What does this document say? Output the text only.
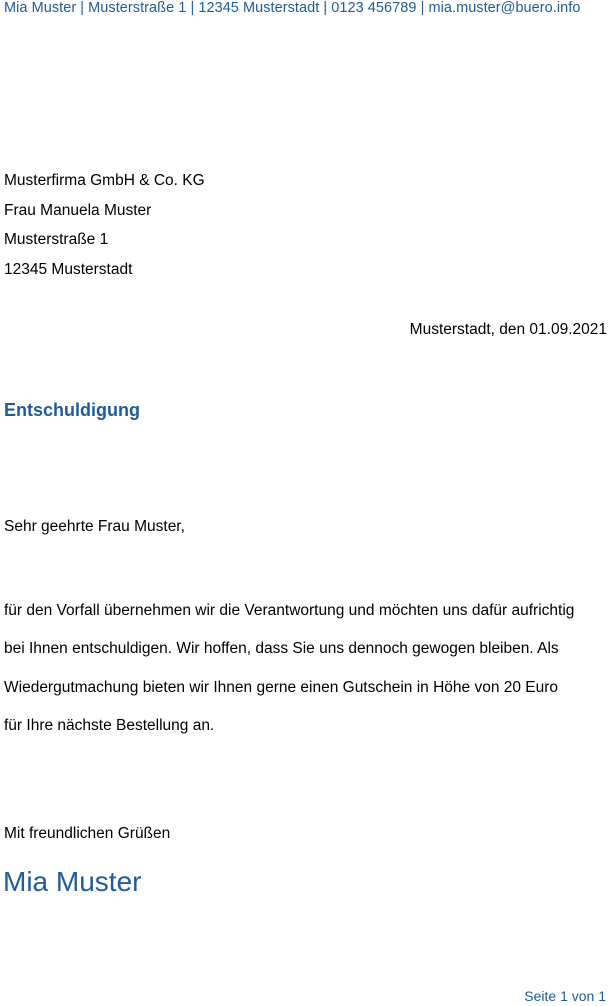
Mia Muster | Musterstraße 1 | 12345 Musterstadt | 0123 456789 | mia.muster@buero.info
Musterfirma GmbH & Co. KG
Frau Manuela Muster
Musterstraße 1
12345 Musterstadt
Musterstadt, den 01.09.2021
Entschuldigung
Sehr geehrte Frau Muster,
für den Vorfall übernehmen wir die Verantwortung und möchten uns dafür aufrichtig
bei Ihnen entschuldigen. Wir hoffen, dass Sie uns dennoch gewogen bleiben. Als
Wiedergutmachung bieten wir Ihnen gerne einen Gutschein in Höhe von 20 Euro
für Ihre nächste Bestellung an.
Mit freundlichen Grüßen
Mia Muster
Seite 1 von 1
